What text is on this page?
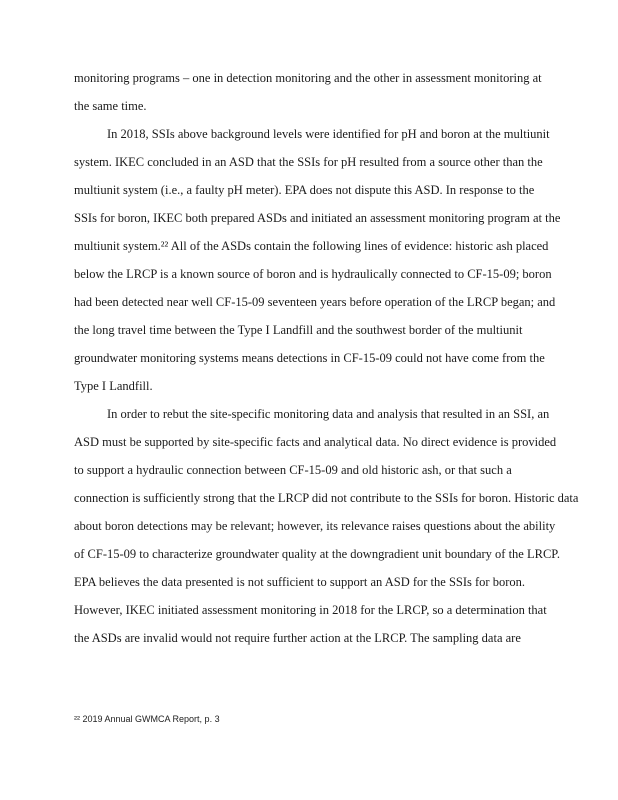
monitoring programs – one in detection monitoring and the other in assessment monitoring at
the same time.
In 2018, SSIs above background levels were identified for pH and boron at the multiunit
system. IKEC concluded in an ASD that the SSIs for pH resulted from a source other than the
multiunit system (i.e., a faulty pH meter). EPA does not dispute this ASD. In response to the
SSIs for boron, IKEC both prepared ASDs and initiated an assessment monitoring program at the
multiunit system.²² All of the ASDs contain the following lines of evidence: historic ash placed
below the LRCP is a known source of boron and is hydraulically connected to CF-15-09; boron
had been detected near well CF-15-09 seventeen years before operation of the LRCP began; and
the long travel time between the Type I Landfill and the southwest border of the multiunit
groundwater monitoring systems means detections in CF-15-09 could not have come from the
Type I Landfill.
In order to rebut the site-specific monitoring data and analysis that resulted in an SSI, an
ASD must be supported by site-specific facts and analytical data. No direct evidence is provided
to support a hydraulic connection between CF-15-09 and old historic ash, or that such a
connection is sufficiently strong that the LRCP did not contribute to the SSIs for boron. Historic data
about boron detections may be relevant; however, its relevance raises questions about the ability
of CF-15-09 to characterize groundwater quality at the downgradient unit boundary of the LRCP.
EPA believes the data presented is not sufficient to support an ASD for the SSIs for boron.
However, IKEC initiated assessment monitoring in 2018 for the LRCP, so a determination that
the ASDs are invalid would not require further action at the LRCP. The sampling data are
²² 2019 Annual GWMCA Report, p. 3
